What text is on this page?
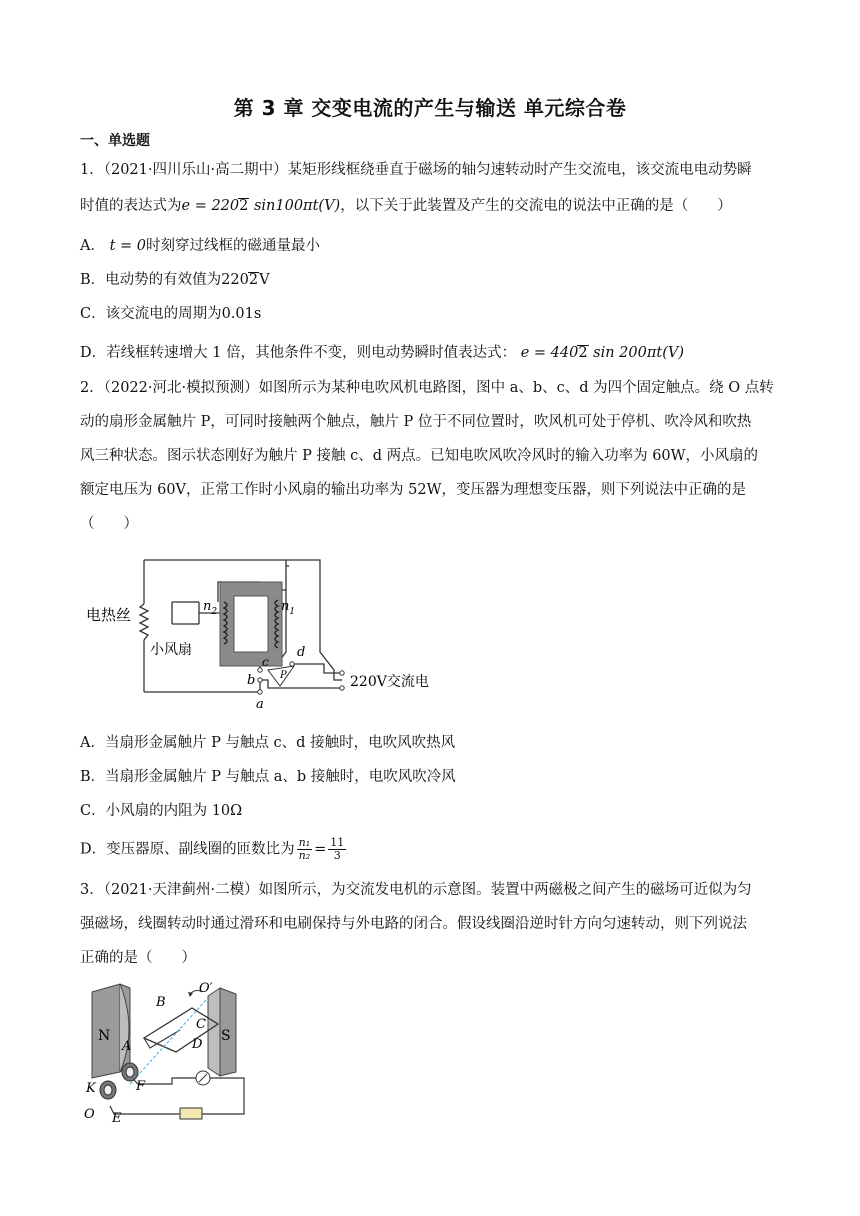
第 3 章 交变电流的产生与输送 单元综合卷
一、单选题
1．（2021·四川乐山·高二期中）某矩形线框绕垂直于磁场的轴匀速转动时产生交流电，该交流电电动势瞬
时值的表达式为e = 2202 sin100πt(V)，以下关于此装置及产生的交流电的说法中正确的是（　　）
A． t = 0时刻穿过线框的磁通量最小
B．电动势的有效值为2202V
C．该交流电的周期为0.01s
D．若线框转速增大 1 倍，其他条件不变，则电动势瞬时值表达式： e = 4402 sin 200πt(V)
2．（2022·河北·模拟预测）如图所示为某种电吹风机电路图，图中 a、b、c、d 为四个固定触点。绕 O 点转
动的扇形金属触片 P，可同时接触两个触点，触片 P 位于不同位置时，吹风机可处于停机、吹冷风和吹热
风三种状态。图示状态刚好为触片 P 接触 c、d 两点。已知电吹风吹冷风时的输入功率为 60W，小风扇的
额定电压为 60V，正常工作时小风扇的输出功率为 52W，变压器为理想变压器，则下列说法中正确的是
（　　）
电热丝
小风扇
$n_2$	$n_1$
c
d
b
a
P	220V交流电
A．当扇形金属触片 P 与触点 c、d 接触时，电吹风吹热风
B．当扇形金属触片 P 与触点 a、b 接触时，电吹风吹冷风
C．小风扇的内阻为 10Ω
D．变压器原、副线圈的匝数比为 $\frac{\text{n₁}}{\text{n₂}} = \frac{11}{3}$
3．（2021·天津蓟州·二模）如图所示，为交流发电机的示意图。装置中两磁极之间产生的磁场可近似为匀
强磁场，线圈转动时通过滑环和电刷保持与外电路的闭合。假设线圈沿逆时针方向匀速转动，则下列说法
正确的是（　　）
N	S
B
O′
C
A	D
K	F
O E
